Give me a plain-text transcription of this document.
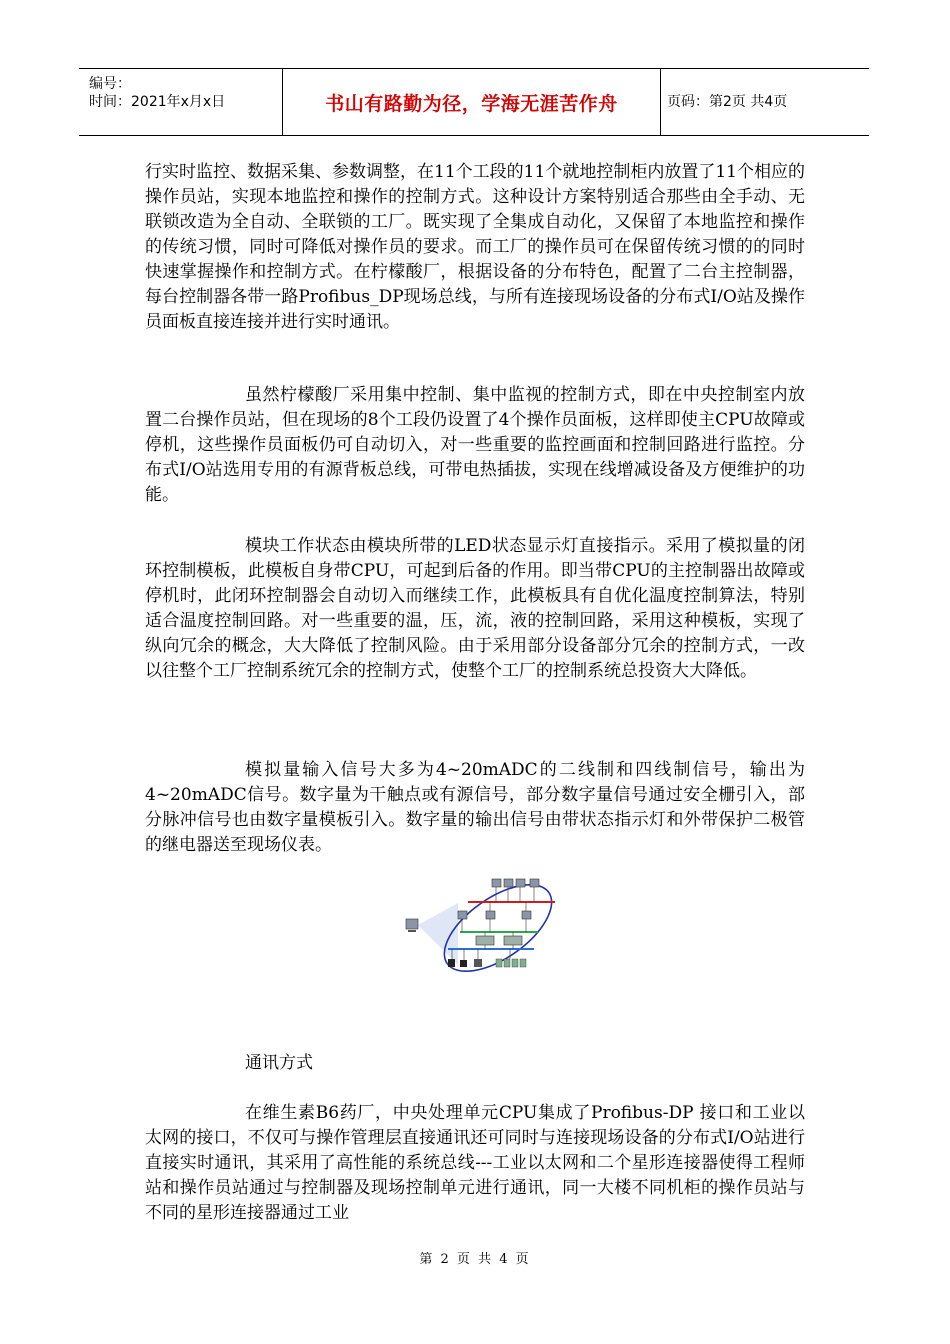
编号：
时间：2021年x月x日	书山有路勤为径，学海无涯苦作舟	页码：第2页 共4页

行实时监控、数据采集、参数调整，在11个工段的11个就地控制柜内放置了11个相应的操作员站，实现本地监控和操作的控制方式。这种设计方案特别适合那些由全手动、无联锁改造为全自动、全联锁的工厂。既实现了全集成自动化，又保留了本地监控和操作的传统习惯，同时可降低对操作员的要求。而工厂的操作员可在保留传统习惯的的同时快速掌握操作和控制方式。在柠檬酸厂，根据设备的分布特色，配置了二台主控制器，每台控制器各带一路Profibus_DP现场总线，与所有连接现场设备的分布式I/O站及操作员面板直接连接并进行实时通讯。

虽然柠檬酸厂采用集中控制、集中监视的控制方式，即在中央控制室内放置二台操作员站，但在现场的8个工段仍设置了4个操作员面板，这样即使主CPU故障或停机，这些操作员面板仍可自动切入，对一些重要的监控画面和控制回路进行监控。分布式I/O站选用专用的有源背板总线，可带电热插拔，实现在线增减设备及方便维护的功能。

模块工作状态由模块所带的LED状态显示灯直接指示。采用了模拟量的闭环控制模板，此模板自身带CPU，可起到后备的作用。即当带CPU的主控制器出故障或停机时，此闭环控制器会自动切入而继续工作，此模板具有自优化温度控制算法，特别适合温度控制回路。对一些重要的温，压，流，液的控制回路，采用这种模板，实现了纵向冗余的概念，大大降低了控制风险。由于采用部分设备部分冗余的控制方式，一改以往整个工厂控制系统冗余的控制方式，使整个工厂的控制系统总投资大大降低。

模拟量输入信号大多为4~20mADC的二线制和四线制信号，输出为4~20mADC信号。数字量为干触点或有源信号，部分数字量信号通过安全栅引入，部分脉冲信号也由数字量模板引入。数字量的输出信号由带状态指示灯和外带保护二极管的继电器送至现场仪表。

通讯方式

在维生素B6药厂，中央处理单元CPU集成了Profibus-DP 接口和工业以太网的接口，不仅可与操作管理层直接通讯还可同时与连接现场设备的分布式I/O站进行直接实时通讯，其采用了高性能的系统总线---工业以太网和二个星形连接器使得工程师站和操作员站通过与控制器及现场控制单元进行通讯，同一大楼不同机柜的操作员站与不同的星形连接器通过工业

第 2 页 共 4 页
